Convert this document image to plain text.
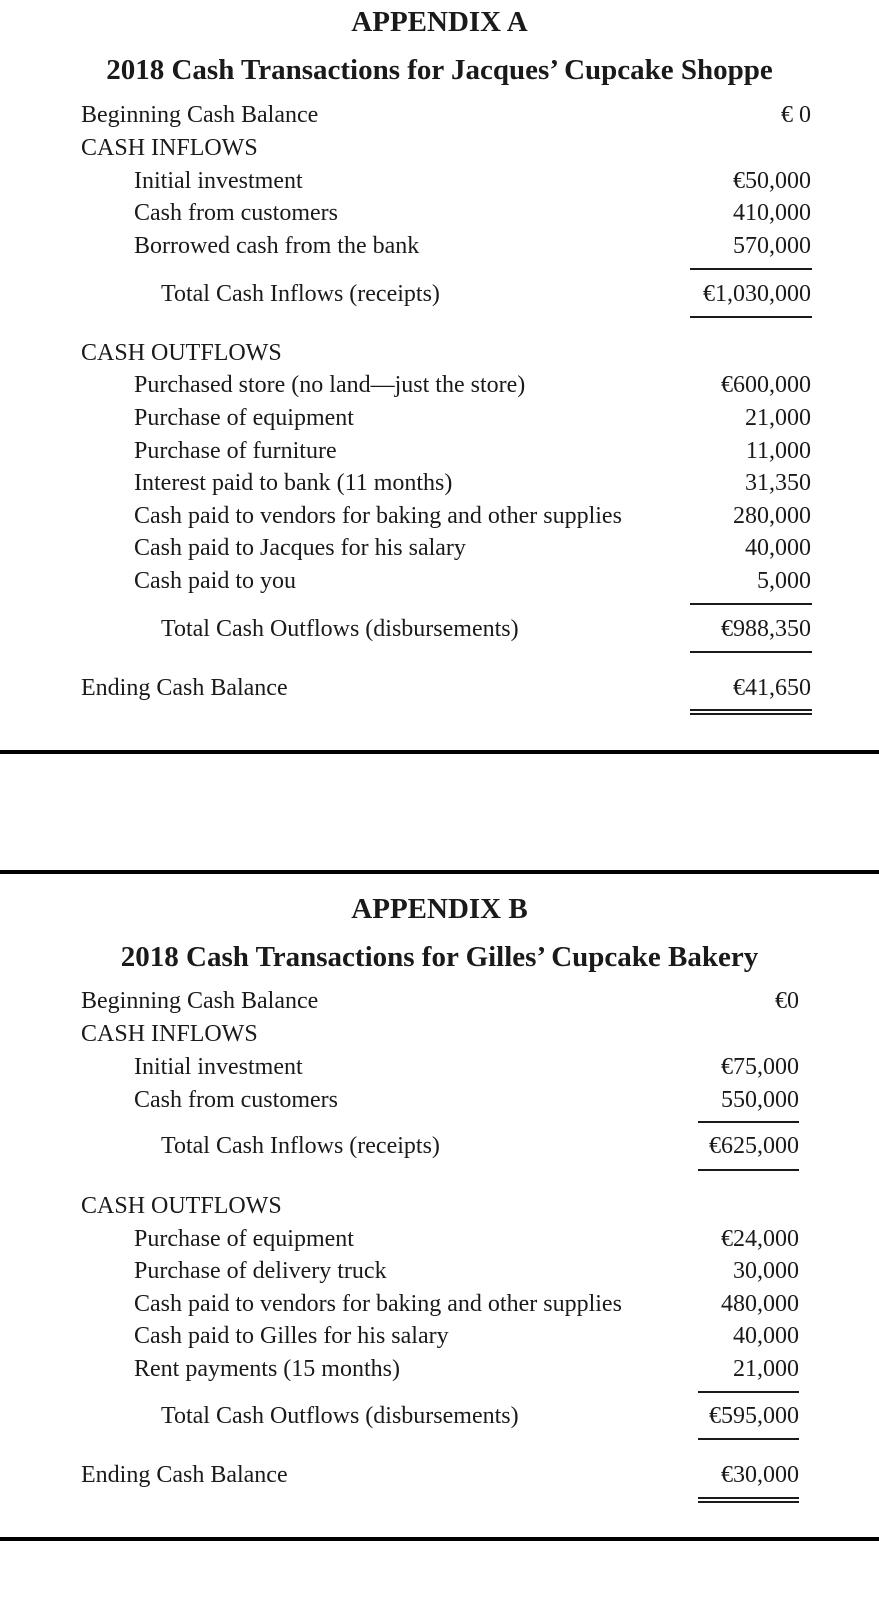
APPENDIX A
2018 Cash Transactions for Jacques’ Cupcake Shoppe
Beginning Cash Balance	€ 0
CASH INFLOWS
Initial investment	€50,000
Cash from customers	410,000
Borrowed cash from the bank	570,000
Total Cash Inflows (receipts)	€1,030,000
CASH OUTFLOWS
Purchased store (no land—just the store)	€600,000
Purchase of equipment	21,000
Purchase of furniture	11,000
Interest paid to bank (11 months)	31,350
Cash paid to vendors for baking and other supplies	280,000
Cash paid to Jacques for his salary	40,000
Cash paid to you	5,000
Total Cash Outflows (disbursements)	€988,350
Ending Cash Balance	€41,650
APPENDIX B
2018 Cash Transactions for Gilles’ Cupcake Bakery
Beginning Cash Balance	€0
CASH INFLOWS
Initial investment	€75,000
Cash from customers	550,000
Total Cash Inflows (receipts)	€625,000
CASH OUTFLOWS
Purchase of equipment	€24,000
Purchase of delivery truck	30,000
Cash paid to vendors for baking and other supplies	480,000
Cash paid to Gilles for his salary	40,000
Rent payments (15 months)	21,000
Total Cash Outflows (disbursements)	€595,000
Ending Cash Balance	€30,000
